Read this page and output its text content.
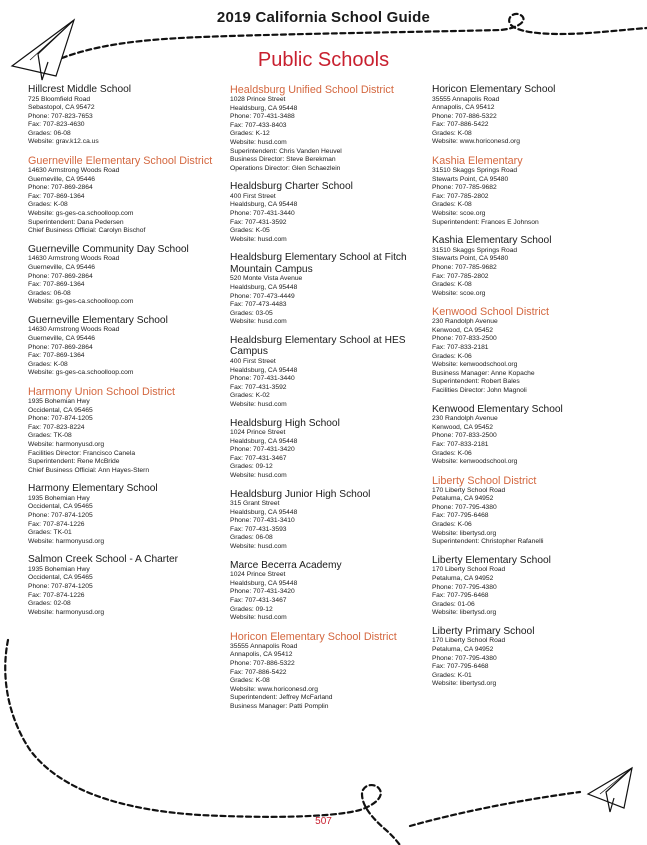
2019 California School Guide
Public Schools
Hillcrest Middle School
725 Bloomfield Road
Sebastopol, CA 95472
Phone: 707-823-7653
Fax: 707-823-4630
Grades: 06-08
Website: grav.k12.ca.us
Guerneville Elementary School District
14630 Armstrong Woods Road
Guerneville, CA 95446
Phone: 707-869-2864
Fax: 707-869-1364
Grades: K-08
Website: gs-ges-ca.schoolloop.com
Superintendent: Dana Pedersen
Chief Business Official: Carolyn Bischof
Guerneville Community Day School
14630 Armstrong Woods Road
Guerneville, CA 95446
Phone: 707-869-2864
Fax: 707-869-1364
Grades: 06-08
Website: gs-ges-ca.schoolloop.com
Guerneville Elementary School
14630 Armstrong Woods Road
Guerneville, CA 95446
Phone: 707-869-2864
Fax: 707-869-1364
Grades: K-08
Website: gs-ges-ca.schoolloop.com
Harmony Union School District
1935 Bohemian Hwy
Occidental, CA 95465
Phone: 707-874-1205
Fax: 707-823-8224
Grades: TK-08
Website: harmonyusd.org
Facilities Director: Francisco Canela
Superintendent: Rene McBride
Chief Business Official: Ann Hayes-Stern
Harmony Elementary School
1935 Bohemian Hwy
Occidental, CA 95465
Phone: 707-874-1205
Fax: 707-874-1226
Grades: TK-01
Website: harmonyusd.org
Salmon Creek School - A Charter
1935 Bohemian Hwy
Occidental, CA 95465
Phone: 707-874-1205
Fax: 707-874-1226
Grades: 02-08
Website: harmonyusd.org
Healdsburg Unified School District
1028 Prince Street
Healdsburg, CA 95448
Phone: 707-431-3488
Fax: 707-433-8403
Grades: K-12
Website: husd.com
Superintendent: Chris Vanden Heuvel
Business Director: Steve Berekman
Operations Director: Glen Schaezlein
Healdsburg Charter School
400 First Street
Healdsburg, CA 95448
Phone: 707-431-3440
Fax: 707-431-3592
Grades: K-05
Website: husd.com
Healdsburg Elementary School at Fitch Mountain Campus
520 Monte Vista Avenue
Healdsburg, CA 95448
Phone: 707-473-4449
Fax: 707-473-4483
Grades: 03-05
Website: husd.com
Healdsburg Elementary School at HES Campus
400 First Street
Healdsburg, CA 95448
Phone: 707-431-3440
Fax: 707-431-3592
Grades: K-02
Website: husd.com
Healdsburg High School
1024 Prince Street
Healdsburg, CA 95448
Phone: 707-431-3420
Fax: 707-431-3467
Grades: 09-12
Website: husd.com
Healdsburg Junior High School
315 Grant Street
Healdsburg, CA 95448
Phone: 707-431-3410
Fax: 707-431-3593
Grades: 06-08
Website: husd.com
Marce Becerra Academy
1024 Prince Street
Healdsburg, CA 95448
Phone: 707-431-3420
Fax: 707-431-3467
Grades: 09-12
Website: husd.com
Horicon Elementary School District
35555 Annapolis Road
Annapolis, CA 95412
Phone: 707-886-5322
Fax: 707-886-5422
Grades: K-08
Website: www.horiconesd.org
Superintendent: Jeffrey McFarland
Business Manager: Patti Pomplin
Horicon Elementary School
35555 Annapolis Road
Annapolis, CA 95412
Phone: 707-886-5322
Fax: 707-886-5422
Grades: K-08
Website: www.horiconesd.org
Kashia Elementary
31510 Skaggs Springs Road
Stewarts Point, CA 95480
Phone: 707-785-9682
Fax: 707-785-2802
Grades: K-08
Website: scoe.org
Superintendent: Frances E Johnson
Kashia Elementary School
31510 Skaggs Springs Road
Stewarts Point, CA 95480
Phone: 707-785-9682
Fax: 707-785-2802
Grades: K-08
Website: scoe.org
Kenwood School District
230 Randolph Avenue
Kenwood, CA 95452
Phone: 707-833-2500
Fax: 707-833-2181
Grades: K-06
Website: kenwoodschool.org
Business Manager: Anne Kopache
Superintendent: Robert Bales
Facilities Director: John Magnoli
Kenwood Elementary School
230 Randolph Avenue
Kenwood, CA 95452
Phone: 707-833-2500
Fax: 707-833-2181
Grades: K-06
Website: kenwoodschool.org
Liberty School District
170 Liberty School Road
Petaluma, CA 94952
Phone: 707-795-4380
Fax: 707-795-6468
Grades: K-06
Website: libertysd.org
Superintendent: Christopher Rafanelli
Liberty Elementary School
170 Liberty School Road
Petaluma, CA 94952
Phone: 707-795-4380
Fax: 707-795-6468
Grades: 01-06
Website: libertysd.org
Liberty Primary School
170 Liberty School Road
Petaluma, CA 94952
Phone: 707-795-4380
Fax: 707-795-6468
Grades: K-01
Website: libertysd.org
507
